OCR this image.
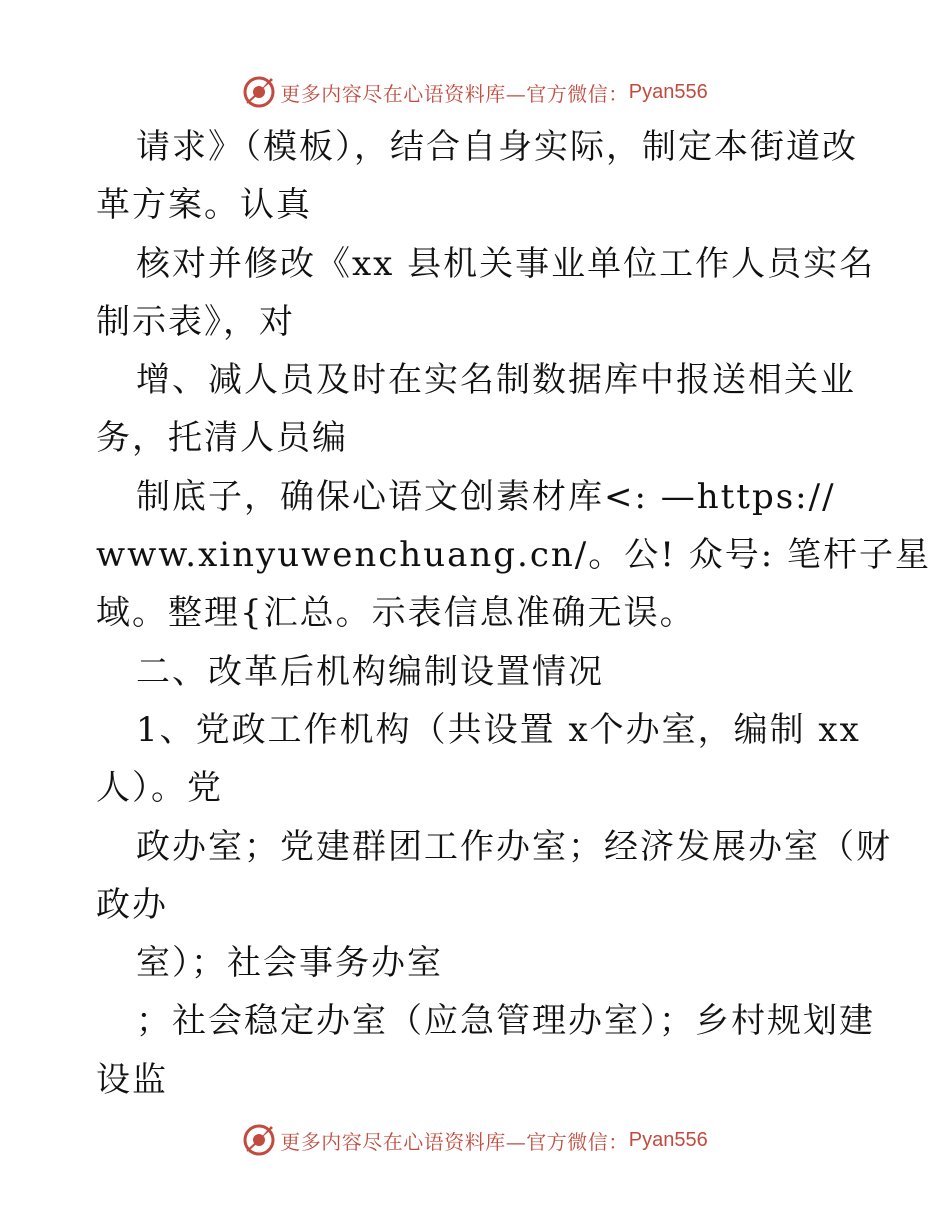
更多内容尽在心语资料库—官方微信： Pyan556
请求》（模板），结合自身实际，制定本街道改
革方案。认真
核对并修改《xx 县机关事业单位工作人员实名
制示表》，对
增、减人员及时在实名制数据库中报送相关业
务，托清人员编
制底子，确保心语文创素材库<: —https://
www.xinyuwenchuang.cn/。公! 众号: 笔杆子星
域。整理{汇总。示表信息准确无误。
二、改革后机构编制设置情况
1、党政工作机构（共设置 x个办室，编制 xx
人）。党
政办室；党建群团工作办室；经济发展办室（财
政办
室）；社会事务办室
；社会稳定办室（应急管理办室）；乡村规划建
设监
更多内容尽在心语资料库—官方微信： Pyan556
